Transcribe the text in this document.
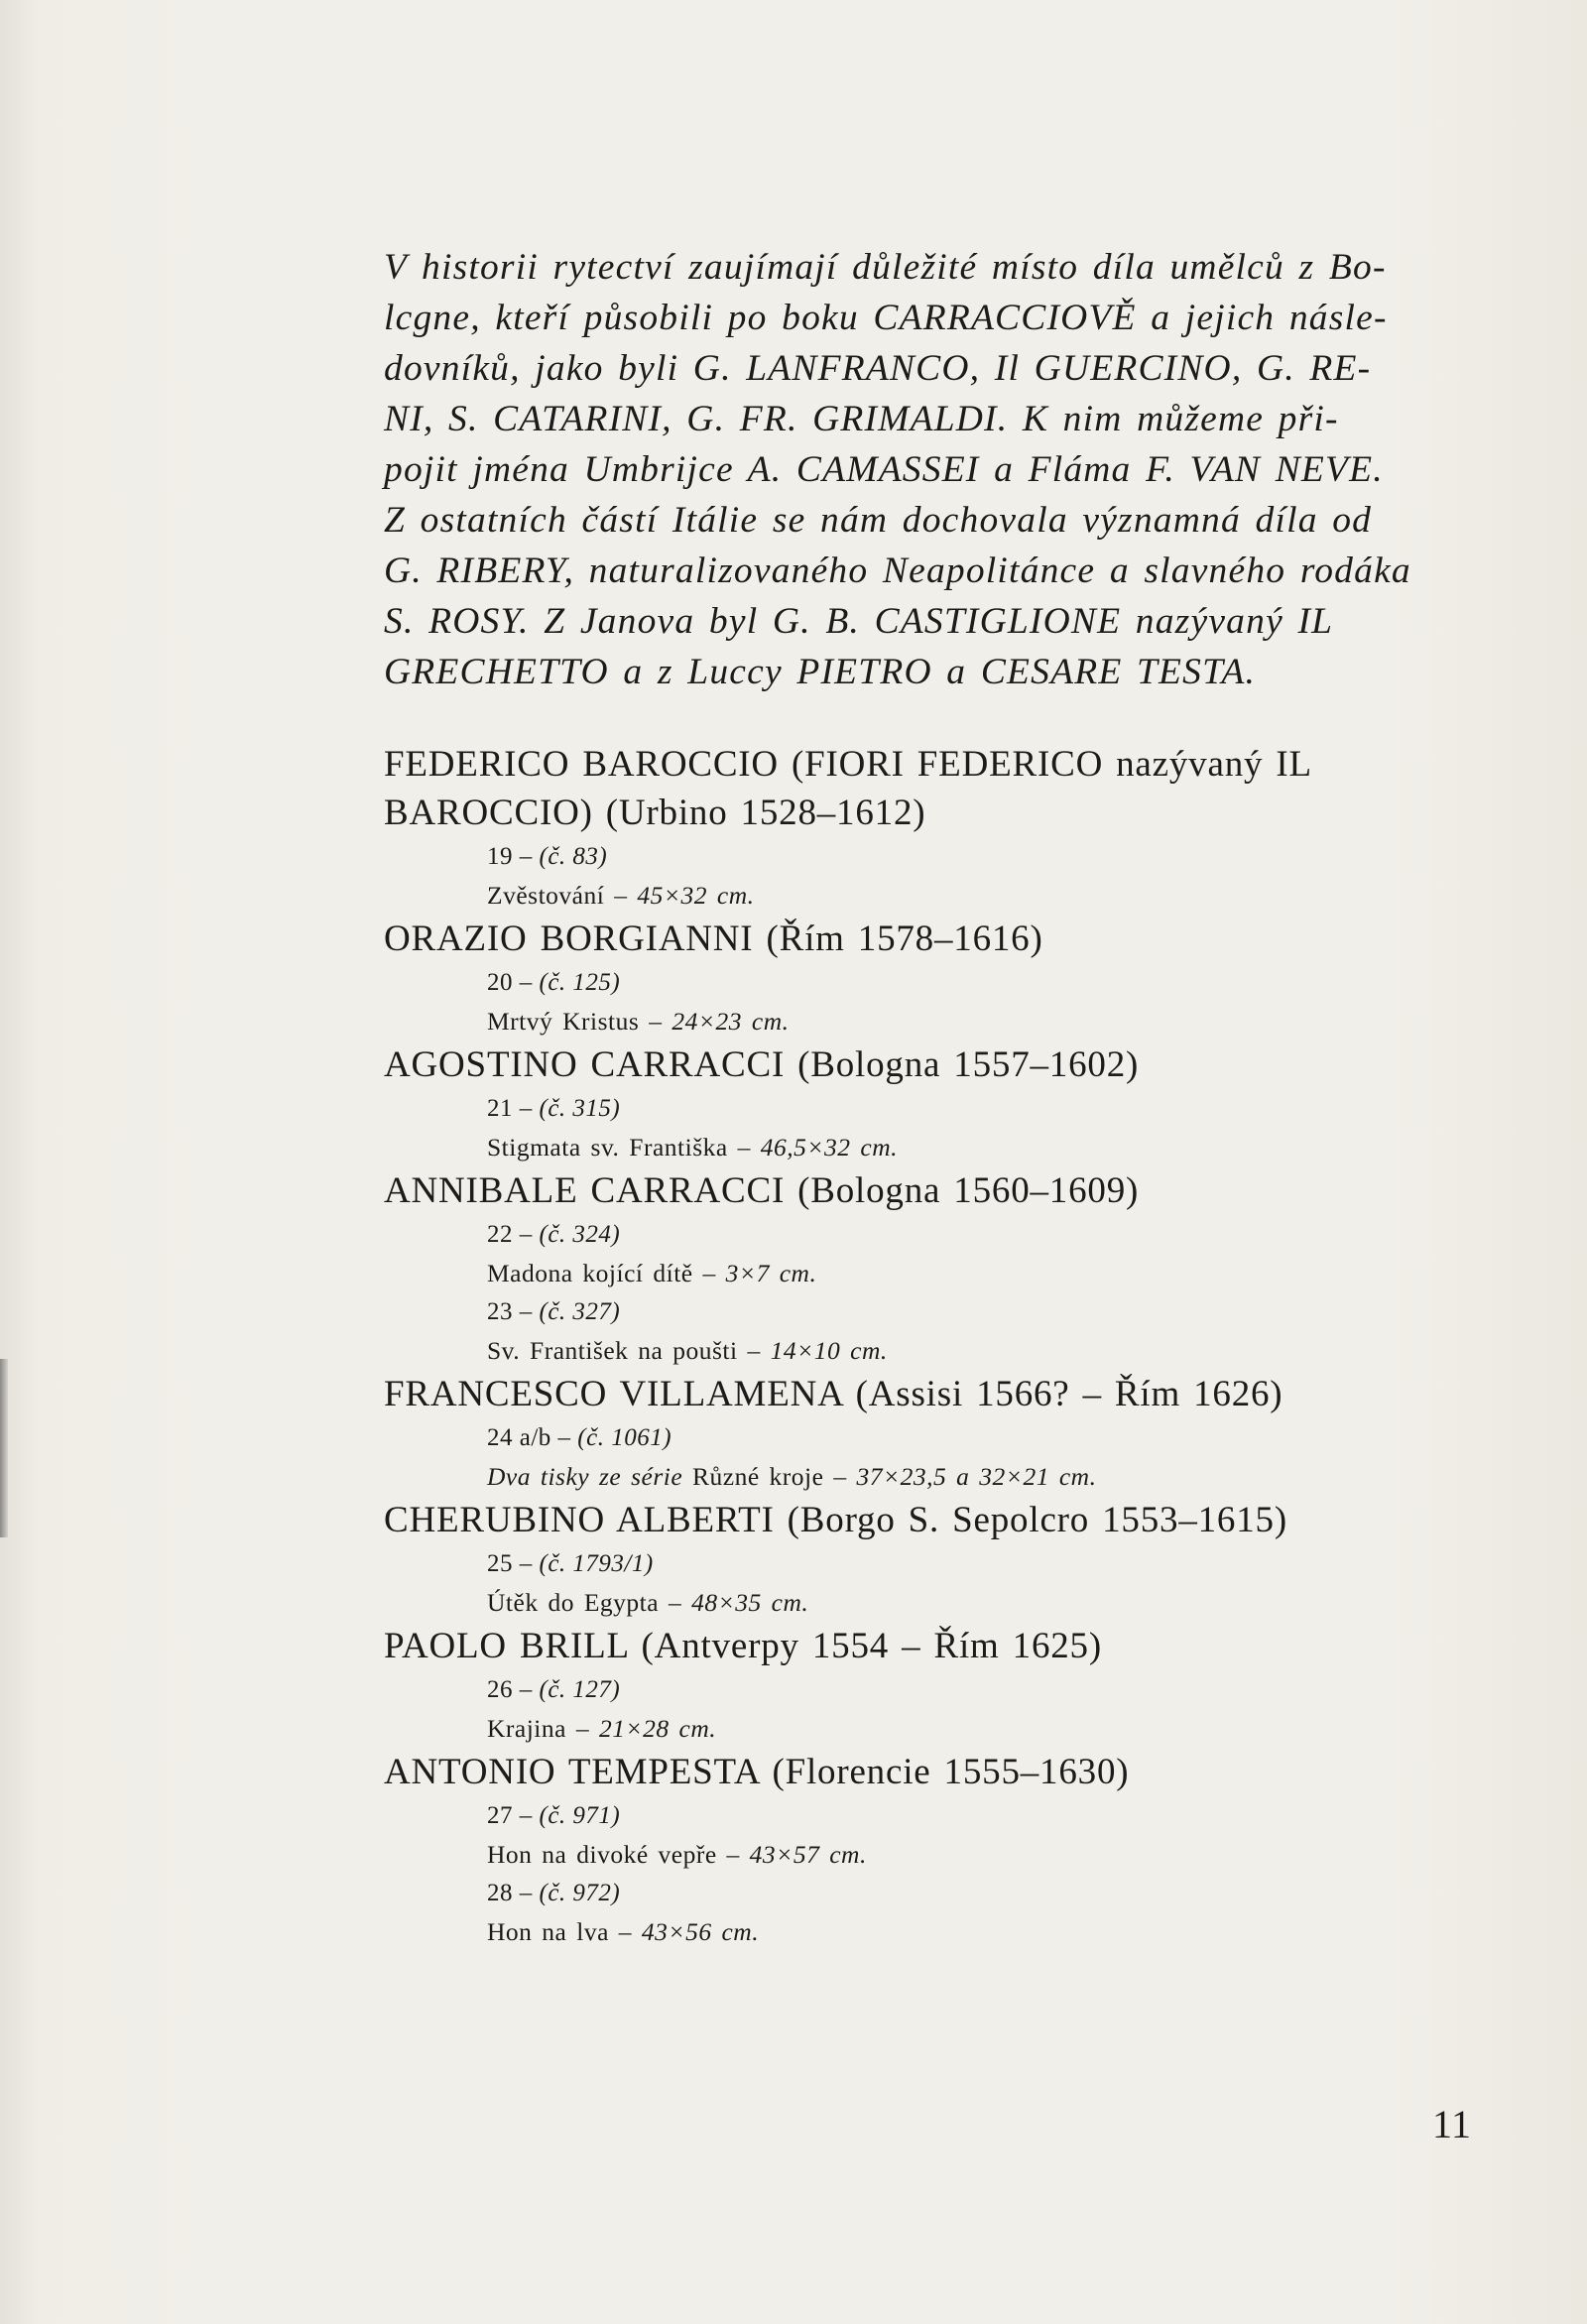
V historii rytectví zaujímají důležité místo díla umělců z Bo-
lcgne, kteří působili po boku CARRACCIOVĚ a jejich násle-
dovníků, jako byli G. LANFRANCO, Il GUERCINO, G. RE-
NI, S. CATARINI, G. FR. GRIMALDI. K nim můžeme při-
pojit jména Umbrijce A. CAMASSEI a Fláma F. VAN NEVE.
Z ostatních částí Itálie se nám dochovala významná díla od
G. RIBERY, naturalizovaného Neapolitánce a slavného rodáka
S. ROSY. Z Janova byl G. B. CASTIGLIONE nazývaný IL
GRECHETTO a z Luccy PIETRO a CESARE TESTA.
FEDERICO BAROCCIO (FIORI FEDERICO nazývaný IL
BAROCCIO) (Urbino 1528–1612)
19 – (č. 83)
Zvěstování – 45×32 cm.
ORAZIO BORGIANNI (Řím 1578–1616)
20 – (č. 125)
Mrtvý Kristus – 24×23 cm.
AGOSTINO CARRACCI (Bologna 1557–1602)
21 – (č. 315)
Stigmata sv. Františka – 46,5×32 cm.
ANNIBALE CARRACCI (Bologna 1560–1609)
22 – (č. 324)
Madona kojící dítě – 3×7 cm.
23 – (č. 327)
Sv. František na poušti – 14×10 cm.
FRANCESCO VILLAMENA (Assisi 1566? – Řím 1626)
24 a/b – (č. 1061)
Dva tisky ze série Různé kroje – 37×23,5 a 32×21 cm.
CHERUBINO ALBERTI (Borgo S. Sepolcro 1553–1615)
25 – (č. 1793/1)
Útěk do Egypta – 48×35 cm.
PAOLO BRILL (Antverpy 1554 – Řím 1625)
26 – (č. 127)
Krajina – 21×28 cm.
ANTONIO TEMPESTA (Florencie 1555–1630)
27 – (č. 971)
Hon na divoké vepře – 43×57 cm.
28 – (č. 972)
Hon na lva – 43×56 cm.
11
